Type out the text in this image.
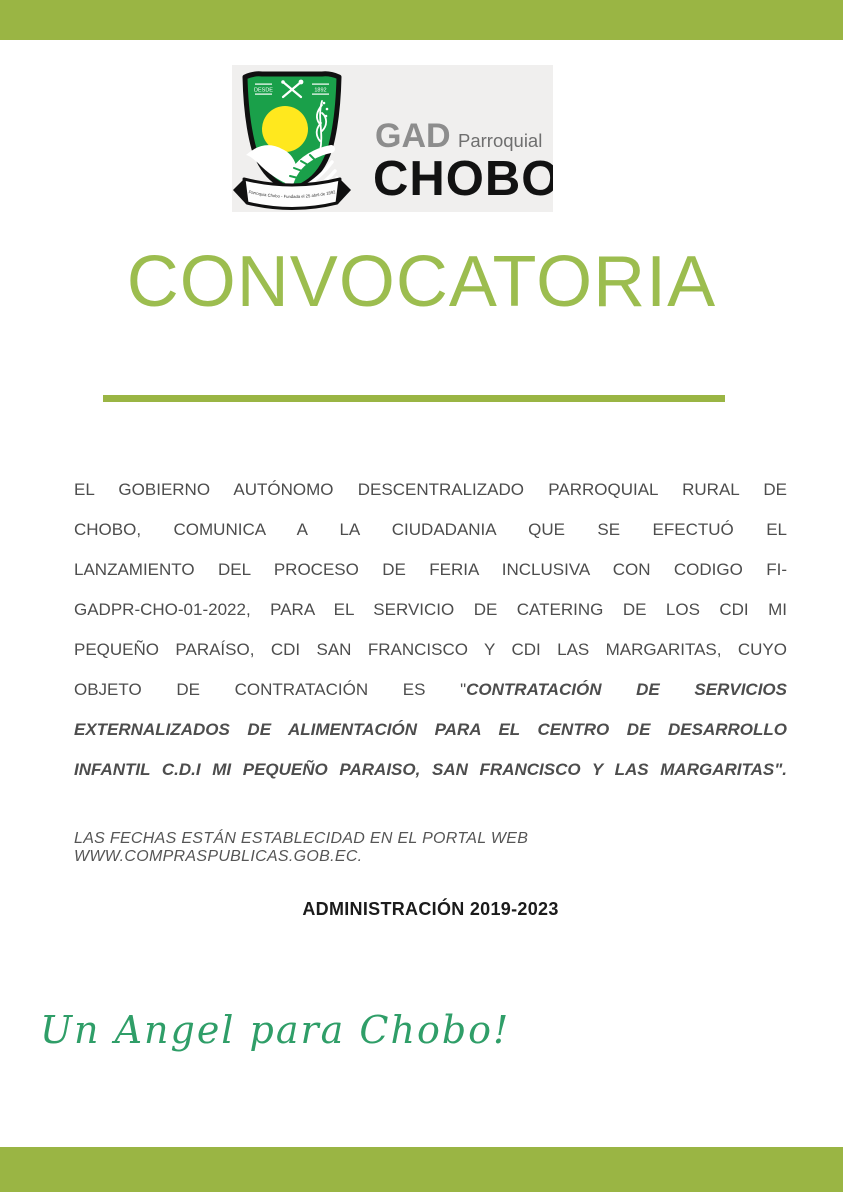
DESDE	1892
Parroquia Chobo - Fundada el 25 abril de 1892
GAD Parroquial
CHOBO
CONVOCATORIA
EL GOBIERNO AUTÓNOMO DESCENTRALIZADO PARROQUIAL RURAL DE
CHOBO, COMUNICA A LA CIUDADANIA QUE SE EFECTUÓ EL
LANZAMIENTO DEL PROCESO DE FERIA INCLUSIVA CON CODIGO FI-
GADPR-CHO-01-2022, PARA EL SERVICIO DE CATERING DE LOS CDI MI
PEQUEÑO PARAÍSO, CDI SAN FRANCISCO Y CDI LAS MARGARITAS, CUYO
OBJETO DE CONTRATACIÓN ES "CONTRATACIÓN DE SERVICIOS
EXTERNALIZADOS DE ALIMENTACIÓN PARA EL CENTRO DE DESARROLLO
INFANTIL C.D.I MI PEQUEÑO PARAISO, SAN FRANCISCO Y LAS MARGARITAS".
LAS FECHAS ESTÁN ESTABLECIDAD EN EL PORTAL WEB WWW.COMPRASPUBLICAS.GOB.EC.
ADMINISTRACIÓN 2019-2023
Un Angel para Chobo!
